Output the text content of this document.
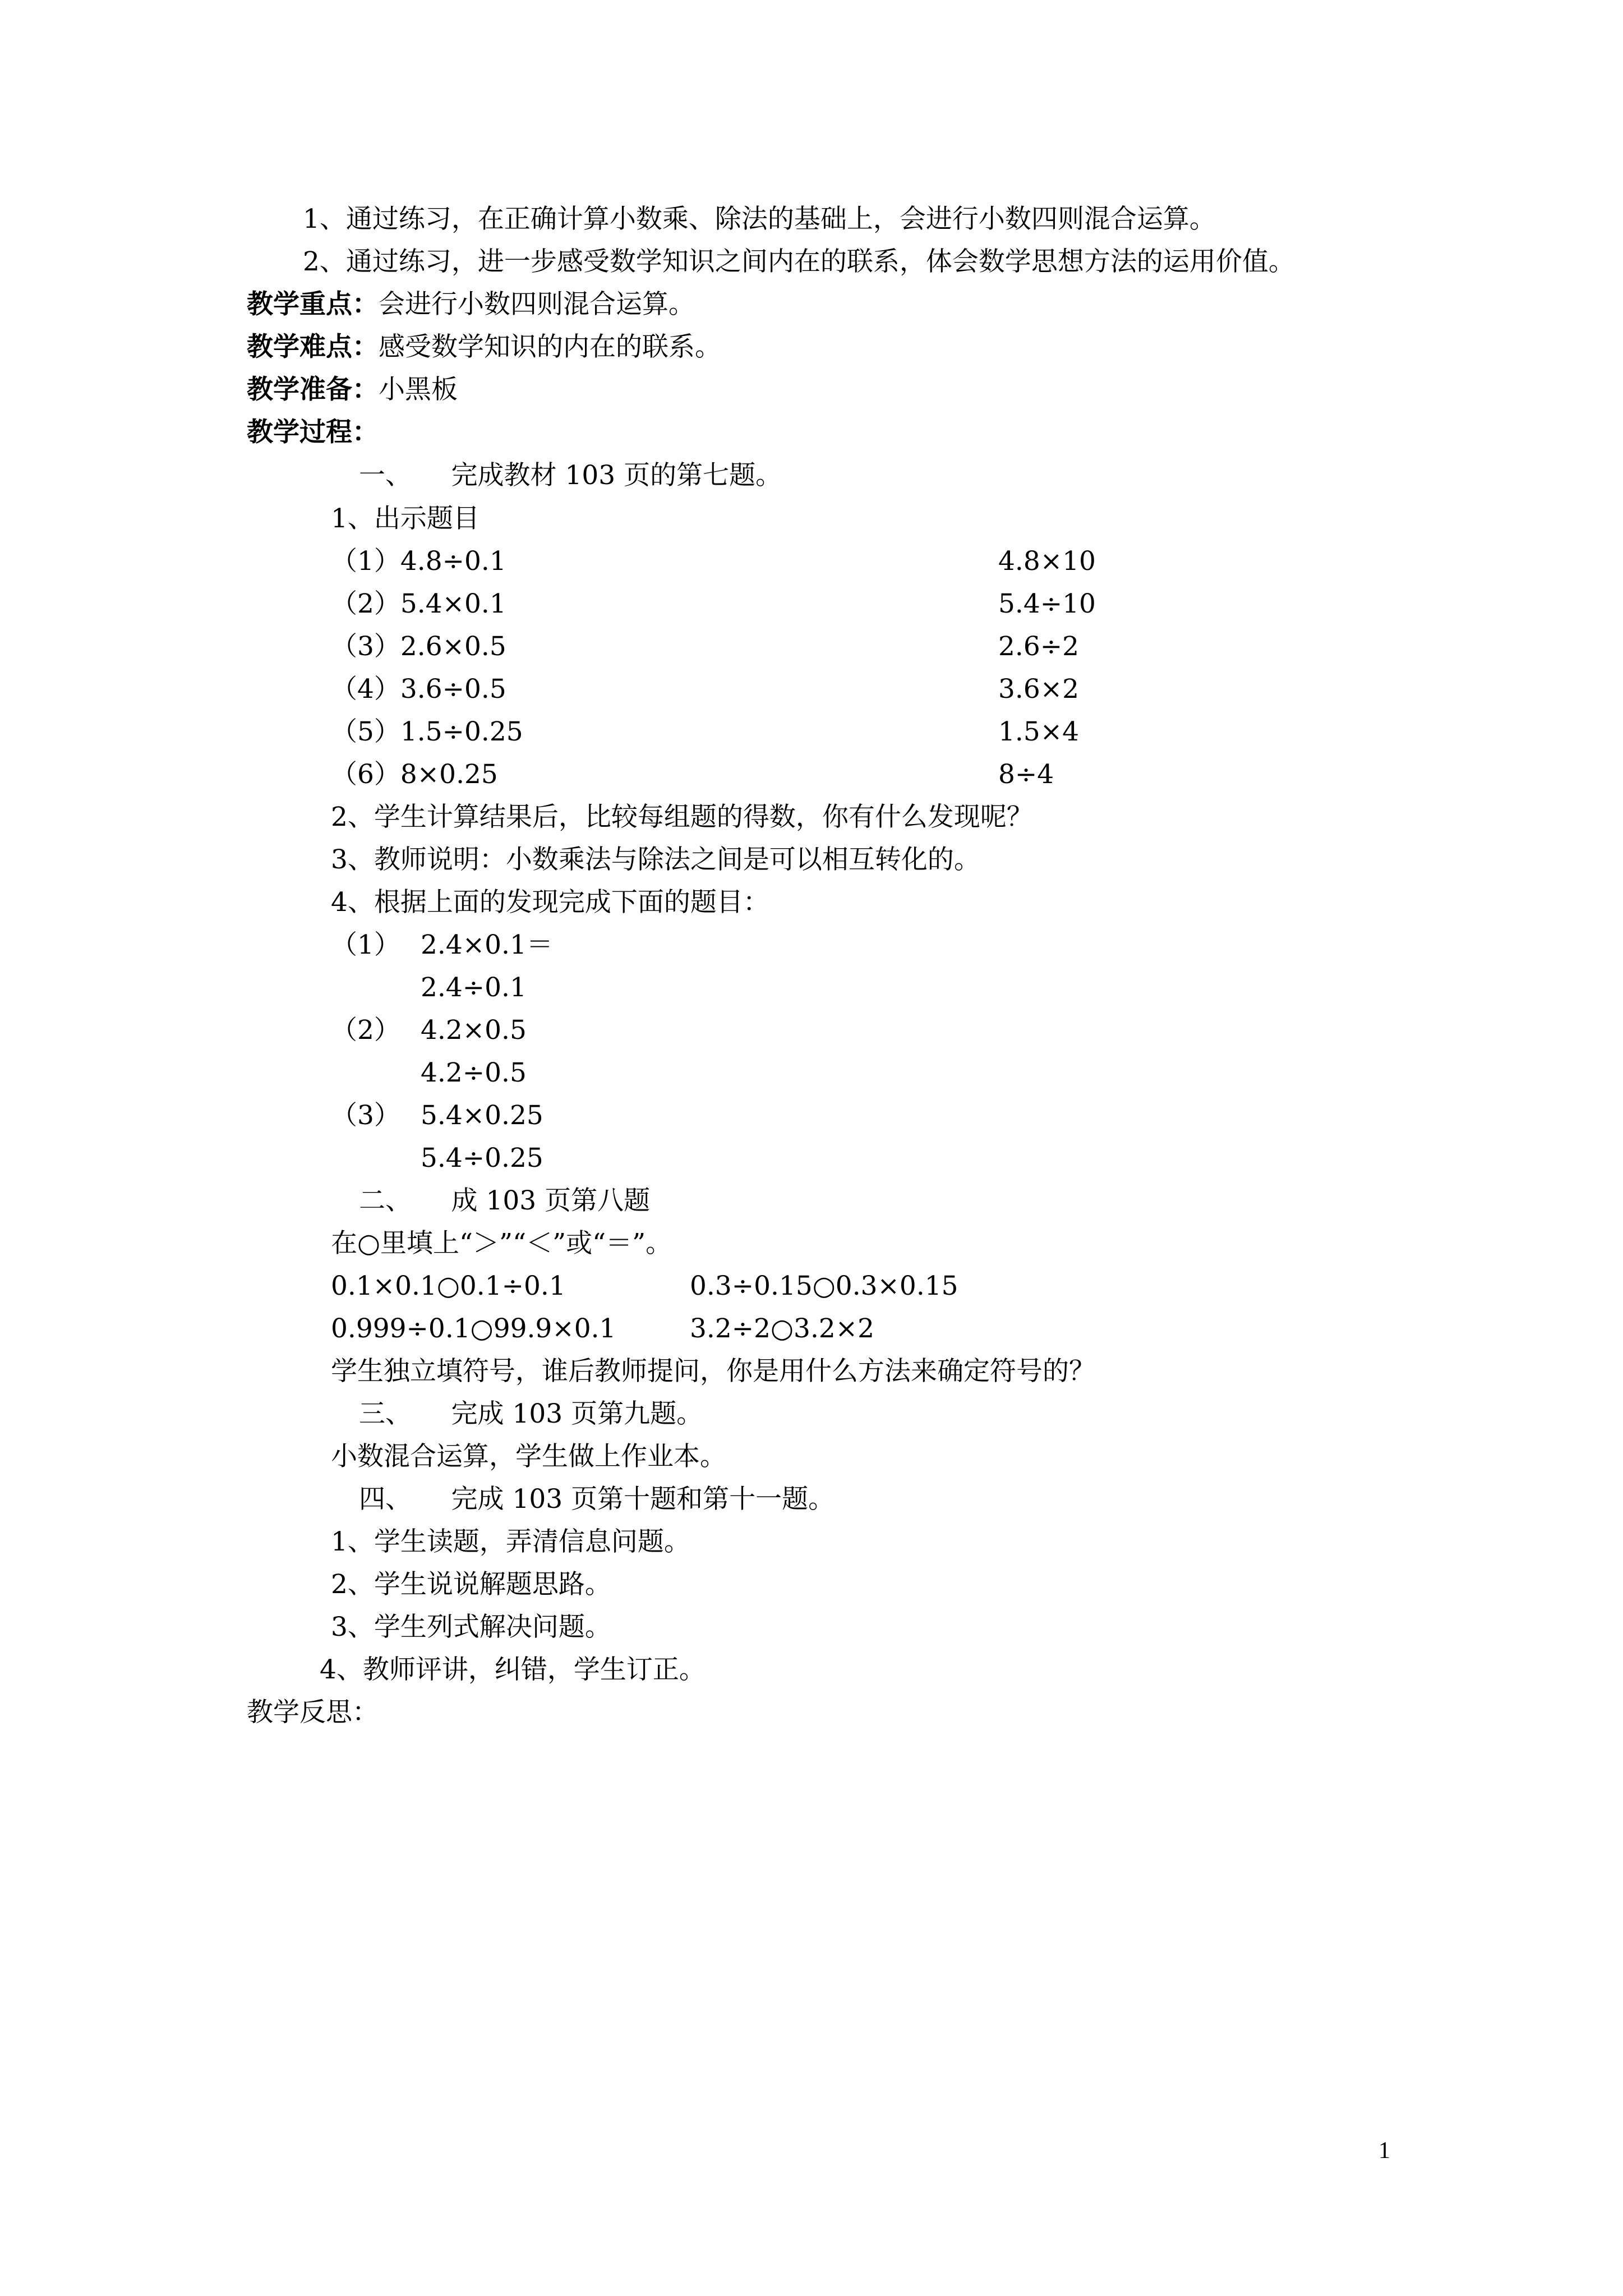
1、通过练习，在正确计算小数乘、除法的基础上，会进行小数四则混合运算。
2、通过练习，进一步感受数学知识之间内在的联系，体会数学思想方法的运用价值。
教学重点：会进行小数四则混合运算。
教学难点：感受数学知识的内在的联系。
教学准备：小黑板
教学过程：
一、　　完成教材 103 页的第七题。
1、出示题目
（1）4.8÷0.1	4.8×10
（2）5.4×0.1	5.4÷10
（3）2.6×0.5	2.6÷2
（4）3.6÷0.5	3.6×2
（5）1.5÷0.25	1.5×4
（6）8×0.25	8÷4
2、学生计算结果后，比较每组题的得数，你有什么发现呢？
3、教师说明：小数乘法与除法之间是可以相互转化的。
4、根据上面的发现完成下面的题目：
（1） 2.4×0.1＝
2.4÷0.1
（2） 4.2×0.5
4.2÷0.5
（3） 5.4×0.25
5.4÷0.25
二、　　成 103 页第八题
在○里填上“＞”“＜”或“＝”。
0.1×0.1○0.1÷0.1	0.3÷0.15○0.3×0.15
0.999÷0.1○99.9×0.1	3.2÷2○3.2×2
学生独立填符号，谁后教师提问，你是用什么方法来确定符号的？
三、　　完成 103 页第九题。
小数混合运算，学生做上作业本。
四、　　完成 103 页第十题和第十一题。
1、学生读题，弄清信息问题。
2、学生说说解题思路。
3、学生列式解决问题。
4、教师评讲，纠错，学生订正。
教学反思：
1
